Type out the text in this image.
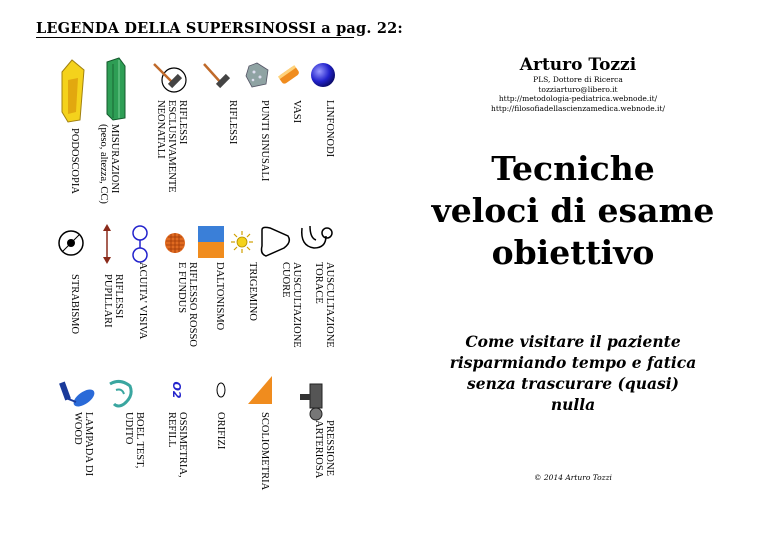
LEGENDA DELLA SUPERSINOSSI a pag. 22:
O2
LINFONODI
VASI
PUNTI SINUSALI
RIFLESSI
RIFLESSI
ESCLUSIVAMENTE
NEONATALI
MISURAZIONI
(peso, altezza, CC)
PODOSCOPIA
AUSCULTAZIONE
TORACE
AUSCULTAZIONE
CUORE
TRIGEMINO
DALTONISMO
RIFLESSO ROSSO
E FUNDUS
ACUITA' VISIVA
RIFLESSI
PUPILLARI
STRABISMO
PRESSIONE
ARTERIOSA
SCOLIOMETRIA
ORIFIZI
OSSIMETRIA,
REFILL
BOEL TEST,
UDITO
LAMPADA DI
WOOD
Arturo Tozzi
PLS, Dottore di Ricerca
tozziarturo@libero.it
http://metodologia-pediatrica.webnode.it/
http://filosofiadellascienzamedica.webnode.it/
Tecniche
veloci di esame
obiettivo
Come visitare il paziente
risparmiando tempo e fatica
senza trascurare (quasi)
nulla
© 2014 Arturo Tozzi
